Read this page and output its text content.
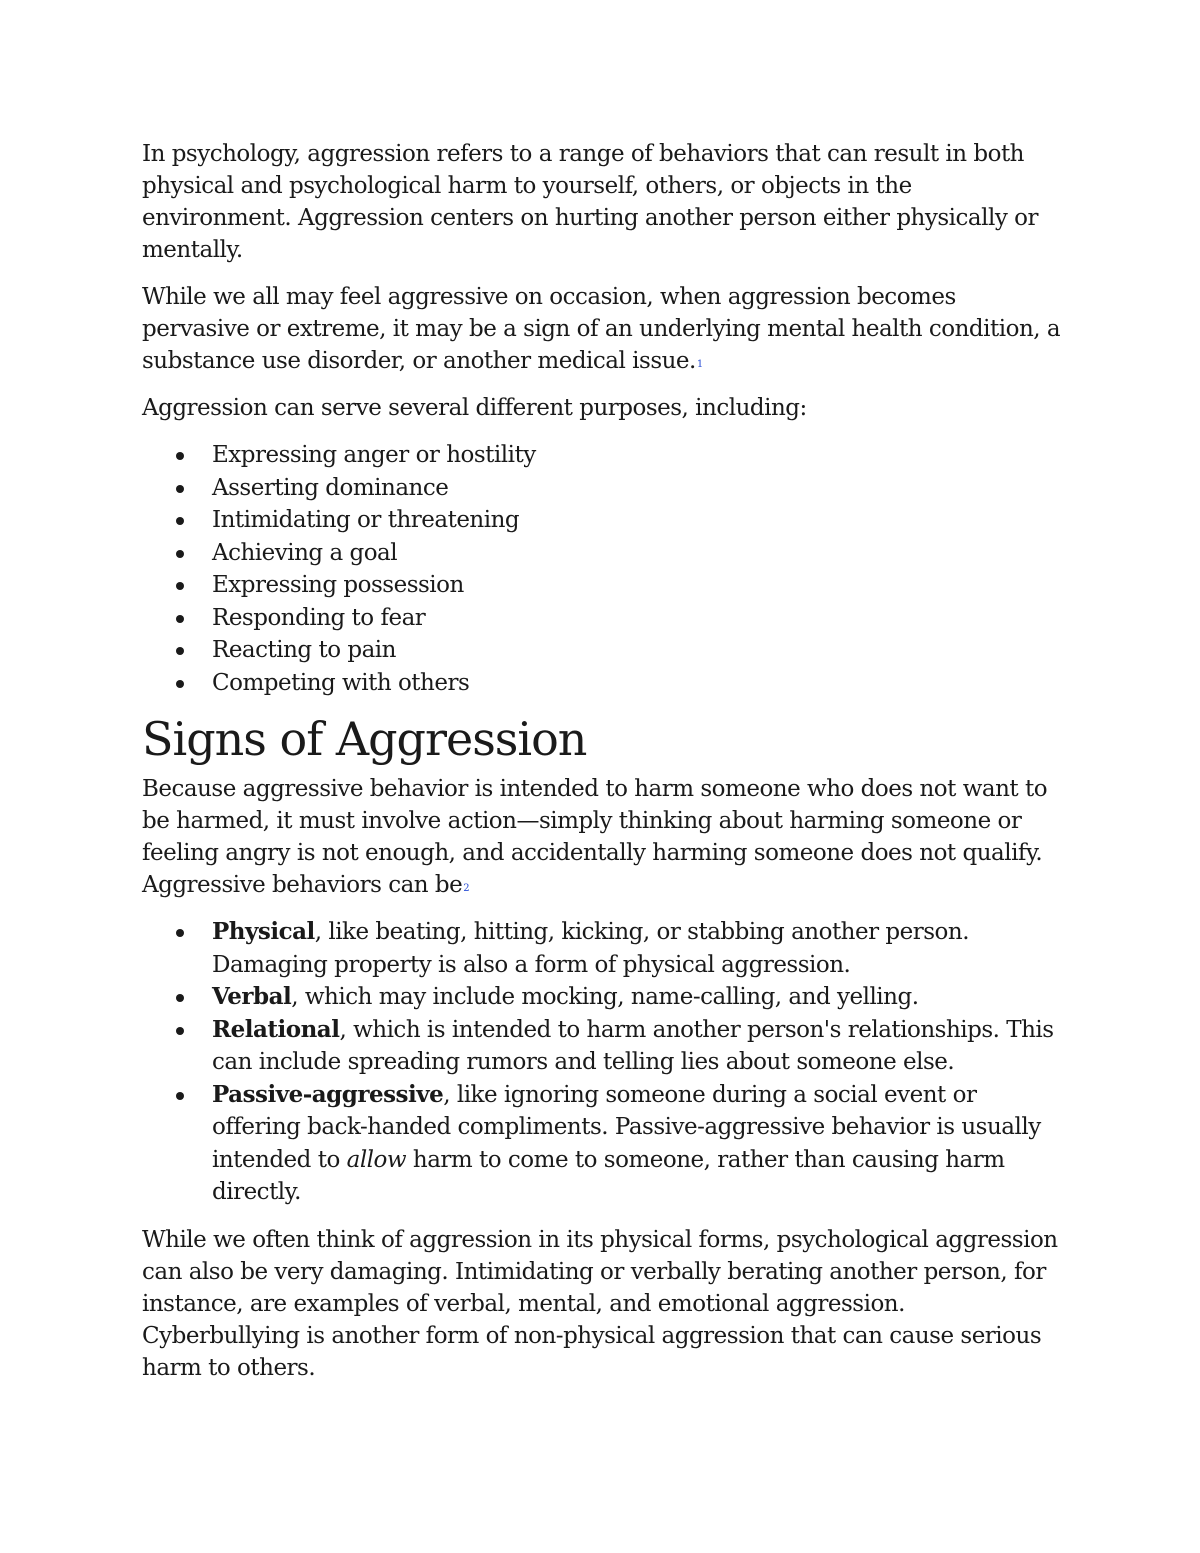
In psychology, aggression refers to a range of behaviors that can result in both physical and psychological harm to yourself, others, or objects in the environment. Aggression centers on hurting another person either physically or mentally.

While we all may feel aggressive on occasion, when aggression becomes pervasive or extreme, it may be a sign of an underlying mental health condition, a substance use disorder, or another medical issue.$^1$

Aggression can serve several different purposes, including:

Expressing anger or hostility
Asserting dominance
Intimidating or threatening
Achieving a goal
Expressing possession
Responding to fear
Reacting to pain
Competing with others
Signs of Aggression

Because aggressive behavior is intended to harm someone who does not want to be harmed, it must involve action—simply thinking about harming someone or feeling angry is not enough, and accidentally harming someone does not qualify. Aggressive behaviors can be$^2$

Physical, like beating, hitting, kicking, or stabbing another person. Damaging property is also a form of physical aggression.
Verbal, which may include mocking, name-calling, and yelling.
Relational, which is intended to harm another person's relationships. This can include spreading rumors and telling lies about someone else.
Passive-aggressive, like ignoring someone during a social event or offering back-handed compliments. Passive-aggressive behavior is usually intended to allow harm to come to someone, rather than causing harm directly.

While we often think of aggression in its physical forms, psychological aggression can also be very damaging. Intimidating or verbally berating another person, for instance, are examples of verbal, mental, and emotional aggression. Cyberbullying is another form of non-physical aggression that can cause serious harm to others.
